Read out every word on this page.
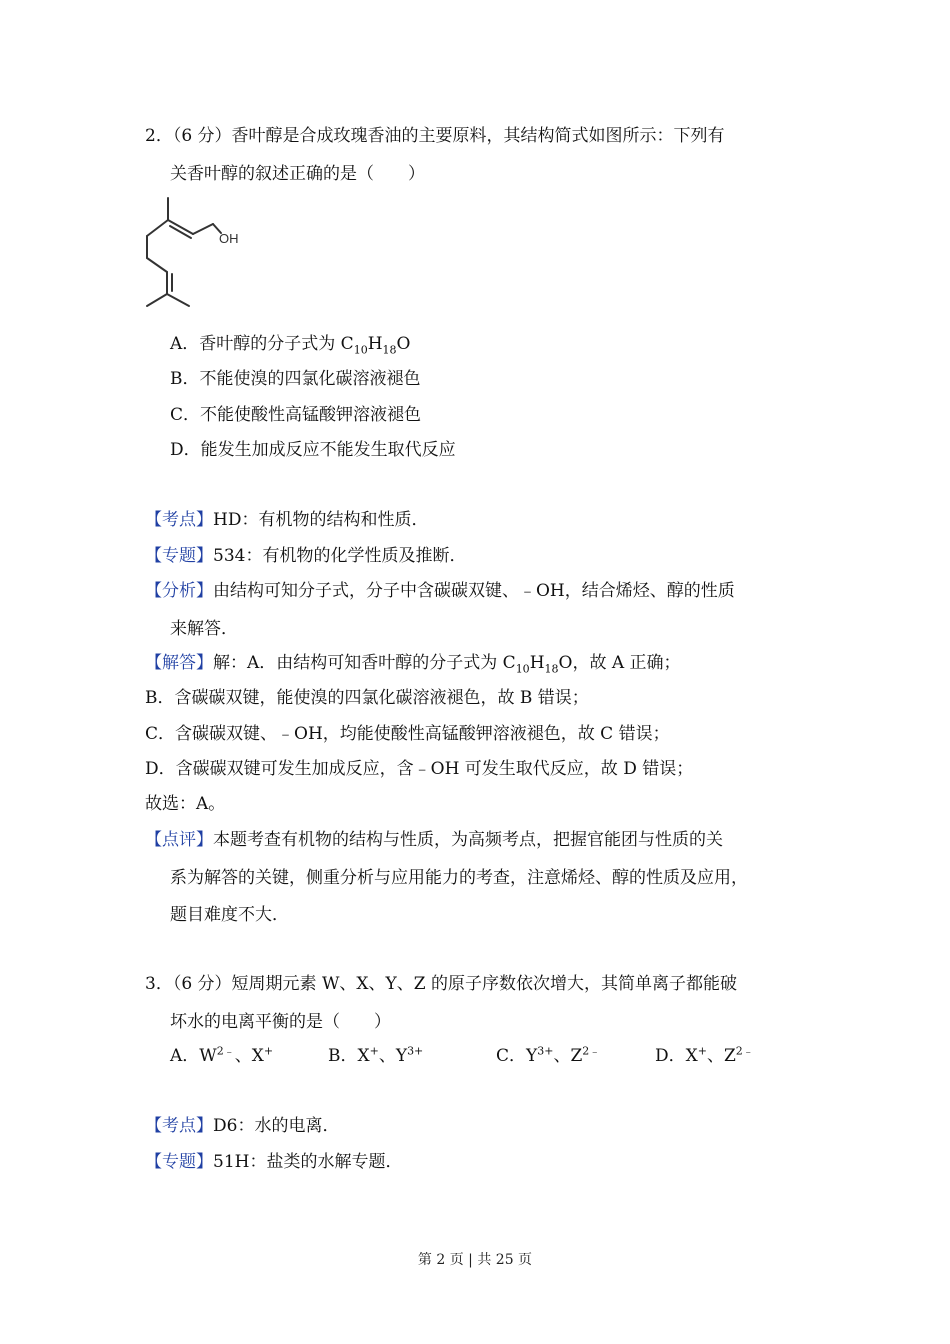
2．（6 分）香叶醇是合成玫瑰香油的主要原料，其结构简式如图所示：下列有
关香叶醇的叙述正确的是（　　）
OH
A．香叶醇的分子式为 $C_{10}H_{18}O$
B．不能使溴的四氯化碳溶液褪色
C．不能使酸性高锰酸钾溶液褪色
D．能发生加成反应不能发生取代反应
【考点】HD：有机物的结构和性质．
【专题】534：有机物的化学性质及推断．
【分析】由结构可知分子式，分子中含碳碳双键、﹣OH，结合烯烃、醇的性质
来解答．
【解答】解：A．由结构可知香叶醇的分子式为 $C_{10}H_{18}O$，故 A 正确；
B．含碳碳双键，能使溴的四氯化碳溶液褪色，故 B 错误；
C．含碳碳双键、﹣OH，均能使酸性高锰酸钾溶液褪色，故 C 错误；
D．含碳碳双键可发生加成反应，含﹣OH 可发生取代反应，故 D 错误；
故选：A。
【点评】本题考查有机物的结构与性质，为高频考点，把握官能团与性质的关
系为解答的关键，侧重分析与应用能力的考查，注意烯烃、醇的性质及应用，
题目难度不大．
3．（6 分）短周期元素 W、X、Y、Z 的原子序数依次增大，其简单离子都能破
坏水的电离平衡的是（　　）
A．$W^{2﹣}$、X+	B．X+、$Y^{3+}$	C．$Y^{3+}$、$Z^{2﹣}$	D．X+、$Z^{2﹣}$
【考点】D6：水的电离．
【专题】51H：盐类的水解专题．
第 2 页 | 共 25 页
